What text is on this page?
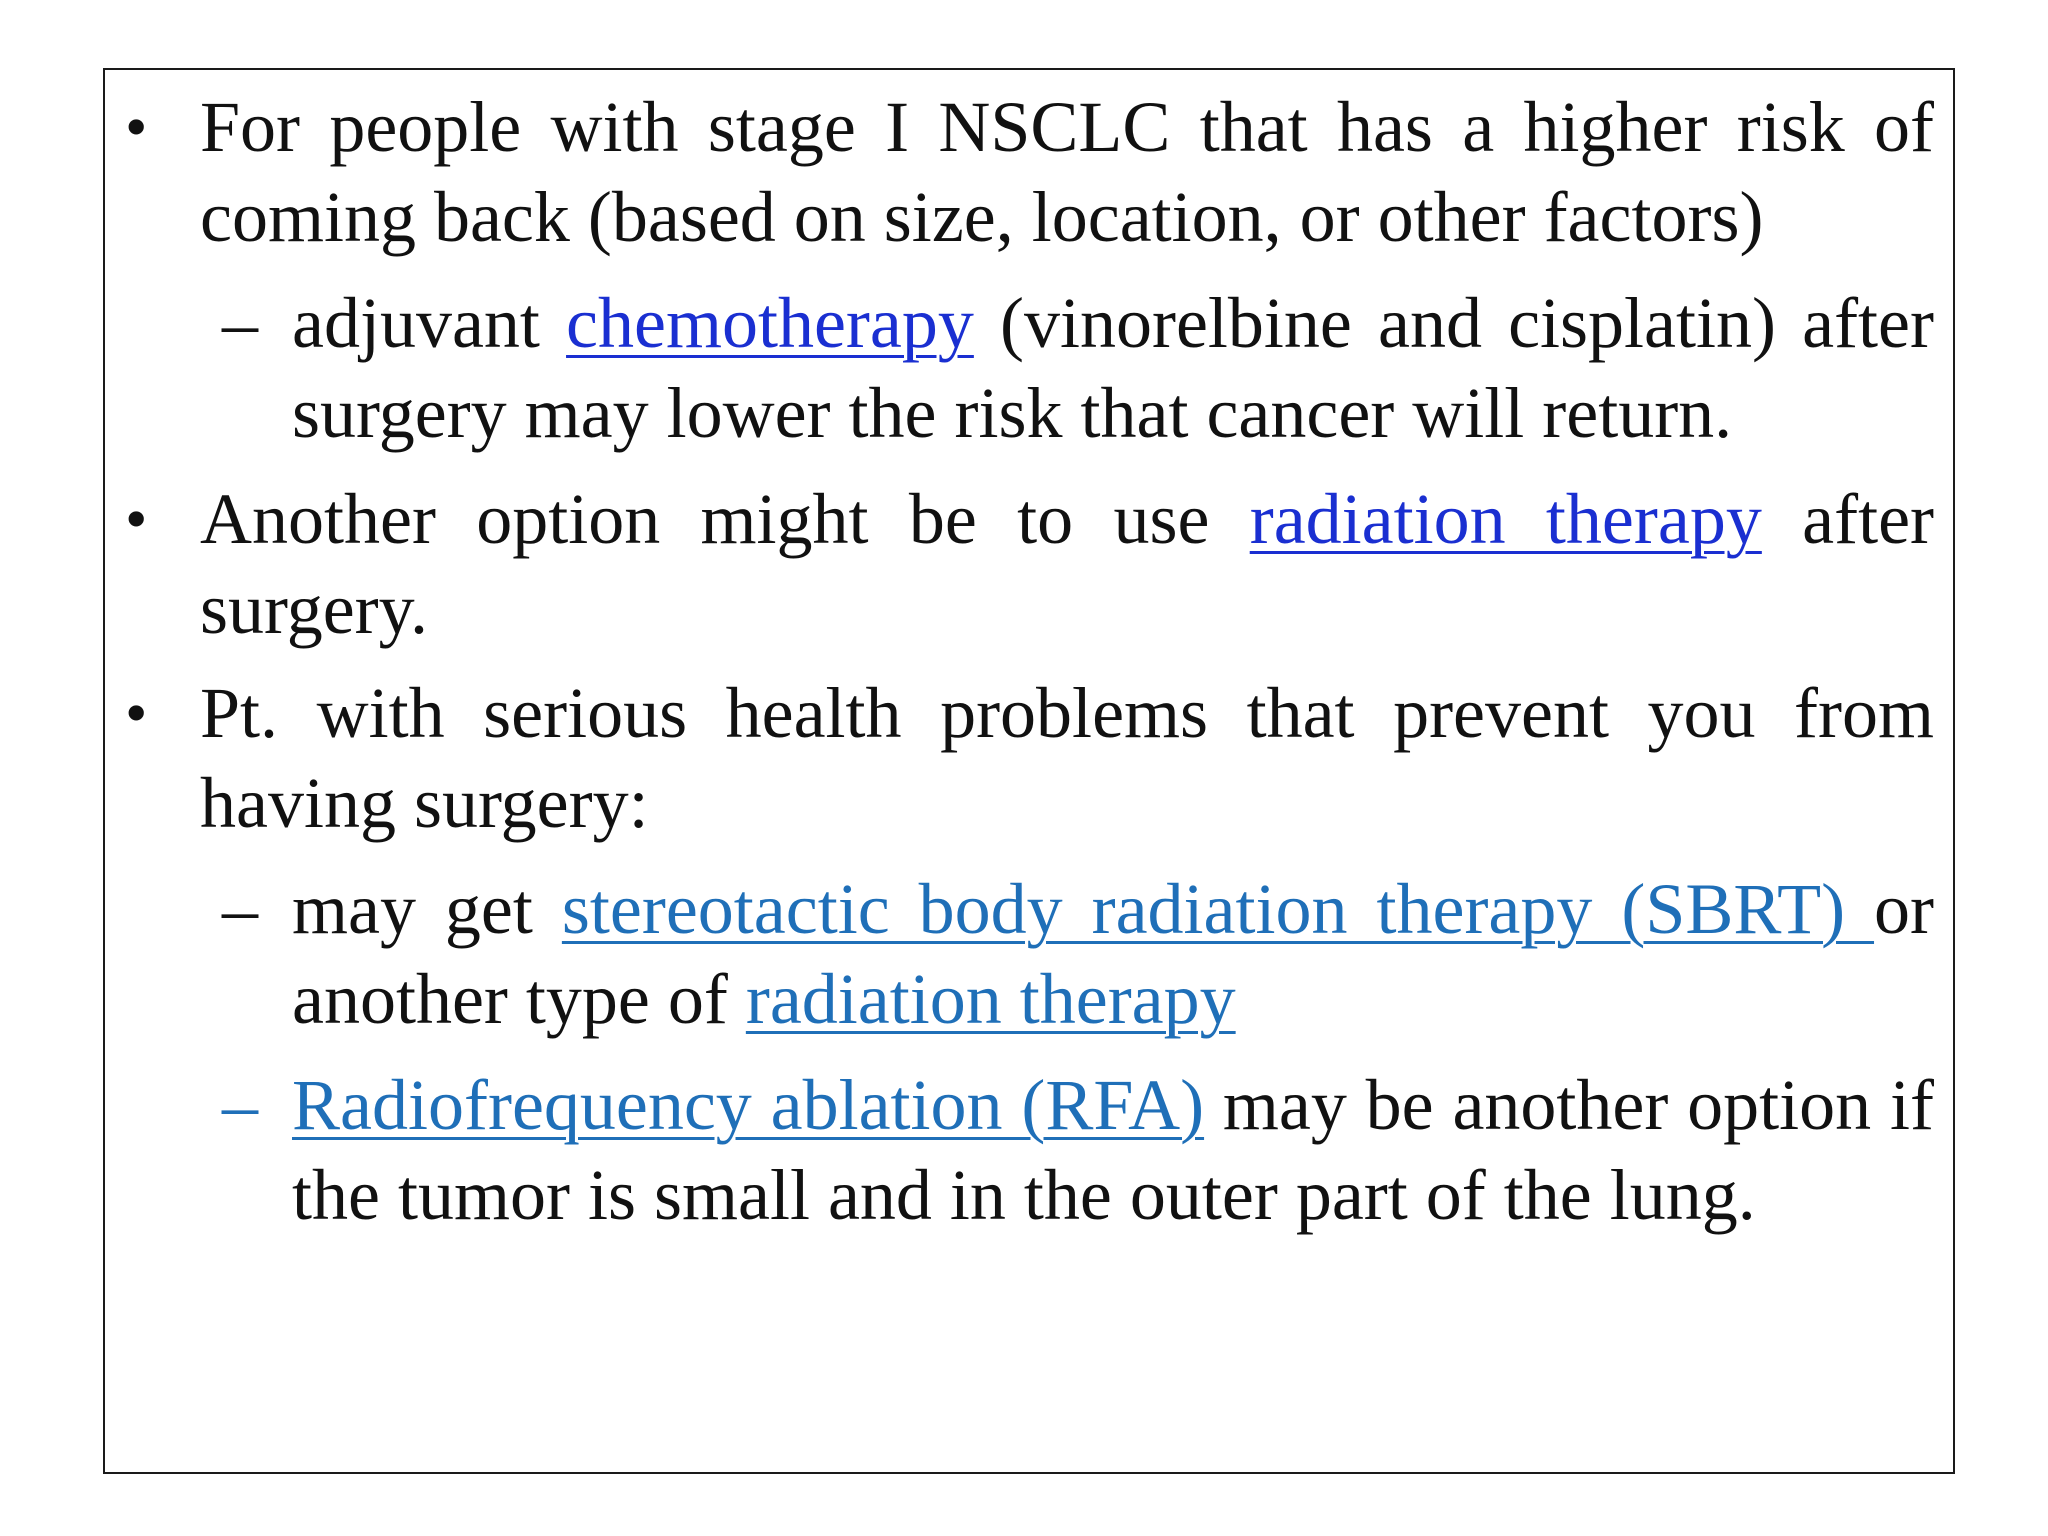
• For people with stage I NSCLC that has a higher risk of coming back (based on size, location, or other factors)
– adjuvant chemotherapy (vinorelbine and cisplatin) after surgery may lower the risk that cancer will return.
• Another option might be to use radiation therapy after surgery.
• Pt. with serious health problems that prevent you from having surgery:
– may get stereotactic body radiation therapy (SBRT) or another type of radiation therapy
– Radiofrequency ablation (RFA) may be another option if the tumor is small and in the outer part of the lung.
